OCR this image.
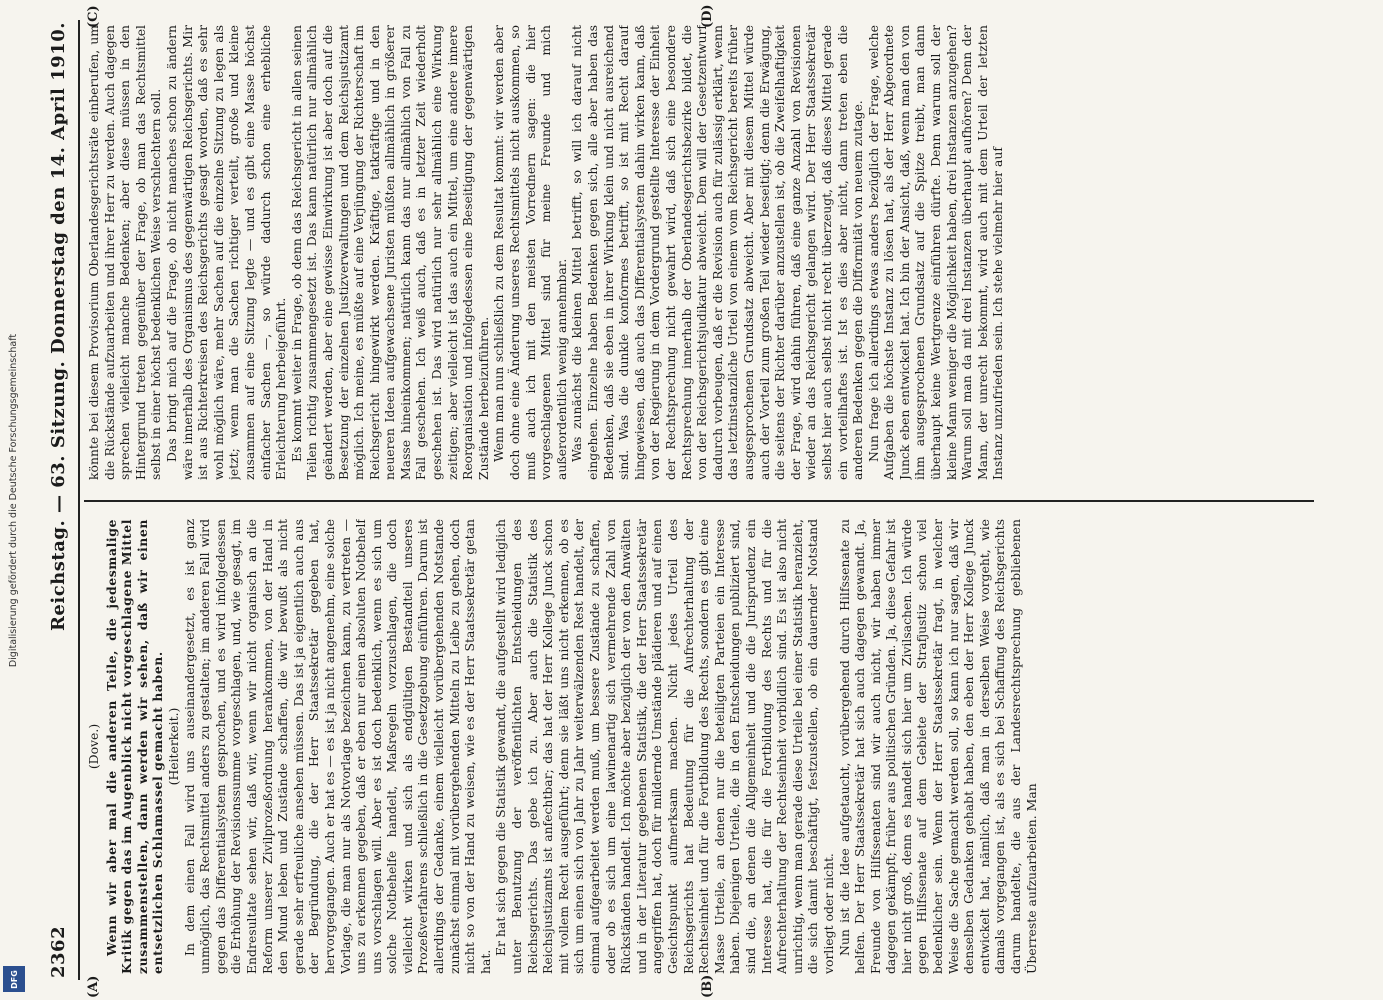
Digitalisierung gefördert durch die Deutsche Forschungsgemeinschaft
DFG
2362
Reichstag. — 63. Sitzung. Donnerstag den 14. April 1910.
(A)	(B)
(C)	(D)

(Dove.) Wenn wir aber mal die anderen Teile, die jedesmalige Kritik gegen das im Augenblick nicht vorgeschlagene Mittel zusammenstellen, dann werden wir sehen, daß wir einen entsetzlichen Schlamassel gemacht haben. (Heiterkeit.) In dem einen Fall wird uns auseinandergesetzt, es ist ganz unmöglich, das Rechtsmittel anders zu gestalten; im anderen Fall wird gegen das Differentialsystem gesprochen, und es wird infolgedessen die Erhöhung der Revisionssumme vorgeschlagen, und, wie gesagt, im Endresultate sehen wir, daß wir, wenn wir nicht organisch an die Reform unserer Zivilprozeßordnung herankommen, von der Hand in den Mund leben und Zustände schaffen, die wir bewußt als nicht gerade sehr erfreuliche ansehen müssen. Das ist ja eigentlich auch aus der Begründung, die der Herr Staatssekretär gegeben hat, hervorgegangen. Auch er hat es — es ist ja nicht angenehm, eine solche Vorlage, die man nur als Notvorlage bezeichnen kann, zu vertreten — uns zu erkennen gegeben, daß er eben nur einen absoluten Notbehelf uns vorschlagen will. Aber es ist doch bedenklich, wenn es sich um solche Notbehelfe handelt, Maßregeln vorzuschlagen, die doch vielleicht wirken und sich als endgültigen Bestandteil unseres Prozeßverfahrens schließlich in die Gesetzgebung einführen. Darum ist allerdings der Gedanke, einem vielleicht vorübergehenden Notstande zunächst einmal mit vorübergehenden Mitteln zu Leibe zu gehen, doch nicht so von der Hand zu weisen, wie es der Herr Staatssekretär getan hat.

Er hat sich gegen die Statistik gewandt, die aufgestellt wird lediglich unter Benutzung der veröffentlichten Entscheidungen des Reichsgerichts. Das gebe ich zu. Aber auch die Statistik des Reichsjustizamts ist anfechtbar; das hat der Herr Kollege Junck schon mit vollem Recht ausgeführt; denn sie läßt uns nicht erkennen, ob es sich um einen sich von Jahr zu Jahr weiterwälzenden Rest handelt, der einmal aufgearbeitet werden muß, um bessere Zustände zu schaffen, oder ob es sich um eine lawinenartig sich vermehrende Zahl von Rückständen handelt. Ich möchte aber bezüglich der von den Anwälten und in der Literatur gegebenen Statistik, die der Herr Staatssekretär angegriffen hat, doch für mildernde Umstände plädieren und auf einen Gesichtspunkt aufmerksam machen. Nicht jedes Urteil des Reichsgerichts hat Bedeutung für die Aufrechterhaltung der Rechtseinheit und für die Fortbildung des Rechts, sondern es gibt eine Masse Urteile, an denen nur die beteiligten Parteien ein Interesse haben. Diejenigen Urteile, die in den Entscheidungen publiziert sind, sind die, an denen die Allgemeinheit und die die Jurisprudenz ein Interesse hat, die für die Fortbildung des Rechts und für die Aufrechterhaltung der Rechtseinheit vorbildlich sind. Es ist also nicht unrichtig, wenn man gerade diese Urteile bei einer Statistik heranzieht, die sich damit beschäftigt, festzustellen, ob ein dauernder Notstand vorliegt oder nicht. Nun ist die Idee aufgetaucht, vorübergehend durch Hilfssenate zu helfen. Der Herr Staatssekretär hat sich auch dagegen gewandt. Ja, Freunde von Hilfssenaten sind wir auch nicht, wir haben immer dagegen gekämpft; früher aus politischen Gründen. Ja, diese Gefahr ist hier nicht groß, denn es handelt sich hier um Zivilsachen. Ich würde gegen Hilfssenate auf dem Gebiete der Strafjustiz schon viel bedenklicher sein. Wenn der Herr Staatssekretär fragt, in welcher Weise die Sache gemacht werden soll, so kann ich nur sagen, daß wir denselben Gedanken gehabt haben, den eben der Herr Kollege Junck entwickelt hat, nämlich, daß man in derselben Weise vorgeht, wie damals vorgegangen ist, als es sich bei Schaffung des Reichsgerichts darum handelte, die aus der Landesrechtsprechung gebliebenen Überreste aufzuarbeiten. Man

könnte bei diesem Provisorium Oberlandesgerichtsräte einberufen, um die Rückstände aufzuarbeiten und ihrer Herr zu werden. Auch dagegen sprechen vielleicht manche Bedenken; aber diese müssen in den Hintergrund treten gegenüber der Frage, ob man das Rechtsmittel selbst in einer höchst bedenklichen Weise verschlechtern soll. Das bringt mich auf die Frage, ob nicht manches schon zu ändern wäre innerhalb des Organismus des gegenwärtigen Reichsgerichts. Mir ist aus Richterkreisen des Reichsgerichts gesagt worden, daß es sehr wohl möglich wäre, mehr Sachen auf die einzelne Sitzung zu legen als jetzt; wenn man die Sachen richtiger verteilt, große und kleine zusammen auf eine Sitzung legte — und es gibt eine Masse höchst einfacher Sachen —, so würde dadurch schon eine erhebliche Erleichterung herbeigeführt. Es kommt weiter in Frage, ob denn das Reichsgericht in allen seinen Teilen richtig zusammengesetzt ist. Das kann natürlich nur allmählich geändert werden, aber eine gewisse Einwirkung ist aber doch auf die Besetzung der einzelnen Justizverwaltungen und dem Reichsjustizamt möglich. Ich meine, es müßte auf eine Verjüngung der Richterschaft im Reichsgericht hingewirkt werden. Kräftige, tatkräftige und in den neueren Ideen aufgewachsene Juristen müßten allmählich in größerer Masse hineinkommen; natürlich kann das nur allmählich von Fall zu Fall geschehen. Ich weiß auch, daß es in letzter Zeit wiederholt geschehen ist. Das wird natürlich nur sehr allmählich eine Wirkung zeitigen; aber vielleicht ist das auch ein Mittel, um eine andere innere Reorganisation und infolgedessen eine Beseitigung der gegenwärtigen Zustände herbeizuführen. Wenn man nun schließlich zu dem Resultat kommt: wir werden aber doch ohne eine Änderung unseres Rechtsmittels nicht auskommen, so muß auch ich mit den meisten Vorrednern sagen: die hier vorgeschlagenen Mittel sind für meine Freunde und mich außerordentlich wenig annehmbar. Was zunächst die kleinen Mittel betrifft, so will ich darauf nicht eingehen. Einzelne haben Bedenken gegen sich, alle aber haben das Bedenken, daß sie eben in ihrer Wirkung klein und nicht ausreichend sind. Was die dunkle konformes betrifft, so ist mit Recht darauf hingewiesen, daß auch das Differentialsystem dahin wirken kann, daß von der Regierung in dem Vordergrund gestellte Interesse der Einheit der Rechtsprechung nicht gewahrt wird, daß sich eine besondere Rechtsprechung innerhalb der Oberlandesgerichtsbezirke bildet, die von der Reichsgerichtsjudikatur abweicht. Dem will der Gesetzentwurf dadurch vorbeugen, daß er die Revision auch für zulässig erklärt, wenn das letztinstanzliche Urteil von einem vom Reichsgericht bereits früher ausgesprochenen Grundsatz abweicht. Aber mit diesem Mittel würde auch der Vorteil zum großen Teil wieder beseitigt; denn die Erwägung, die seitens der Richter darüber anzustellen ist, ob die Zweifelhaftigkeit der Frage, wird dahin führen, daß eine ganze Anzahl von Revisionen wieder an das Reichsgericht gelangen wird. Der Herr Staatssekretär selbst hier auch selbst nicht recht überzeugt, daß dieses Mittel gerade ein vorteilhaftes ist. Ist es dies aber nicht, dann treten eben die anderen Bedenken gegen die Difformität von neuem zutage. Nun frage ich allerdings etwas anders bezüglich der Frage, welche Aufgaben die höchste Instanz zu lösen hat, als der Herr Abgeordnete Junck eben entwickelt hat. Ich bin der Ansicht, daß, wenn man den von ihm ausgesprochenen Grundsatz auf die Spitze treibt, man dann überhaupt keine Wertgrenze einführen dürfte. Denn warum soll der kleine Mann weniger die Möglichkeit haben, drei Instanzen anzugehen? Warum soll man da mit drei Instanzen überhaupt aufhören? Denn der Mann, der unrecht bekommt, wird auch mit dem Urteil der letzten Instanz unzufrieden sein. Ich stehe vielmehr hier auf
